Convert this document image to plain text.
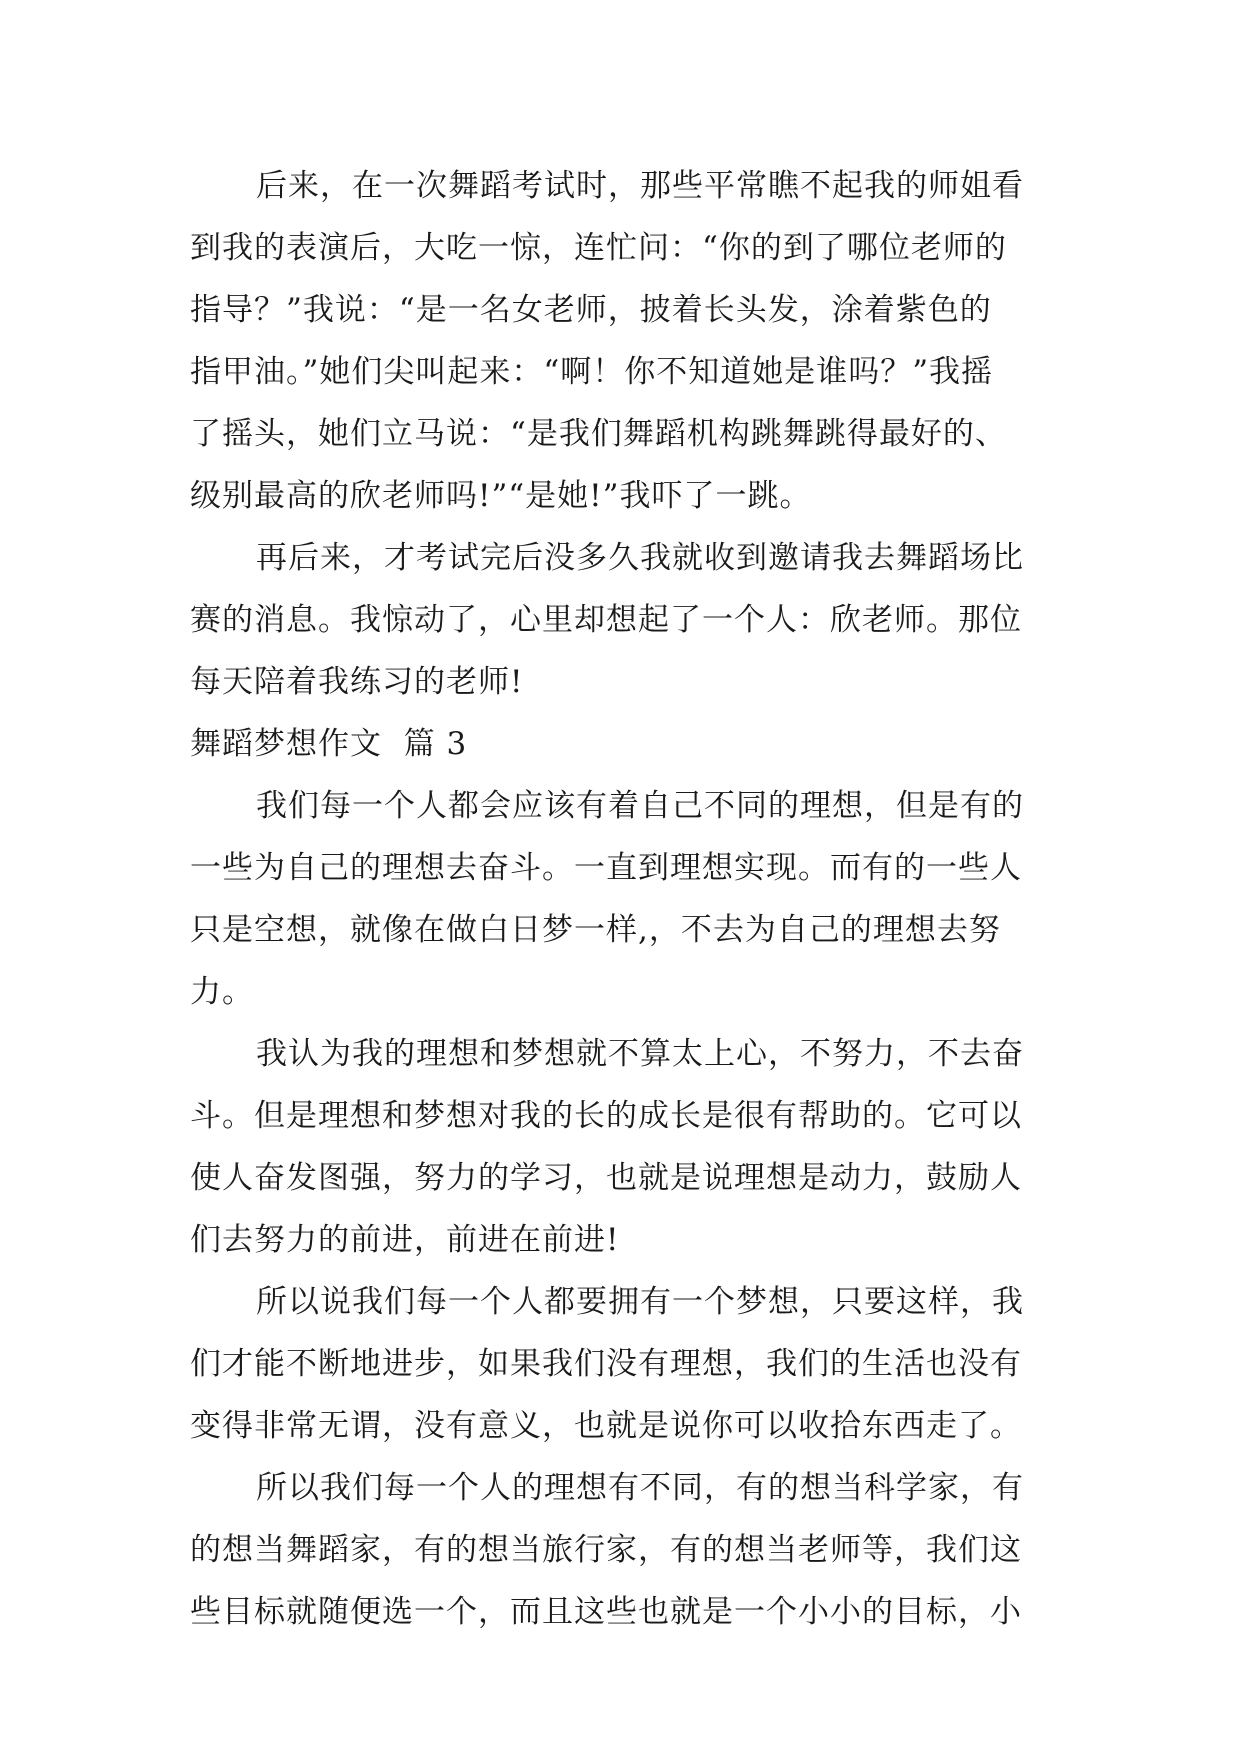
后来，在一次舞蹈考试时，那些平常瞧不起我的师姐看
到我的表演后，大吃一惊，连忙问：“你的到了哪位老师的
指导？”我说：“是一名女老师，披着长头发，涂着紫色的
指甲油。”她们尖叫起来：“啊！你不知道她是谁吗？”我摇
了摇头，她们立马说：“是我们舞蹈机构跳舞跳得最好的、
级别最高的欣老师吗!”“是她!”我吓了一跳。
再后来，才考试完后没多久我就收到邀请我去舞蹈场比
赛的消息。我惊动了，心里却想起了一个人：欣老师。那位
每天陪着我练习的老师!
舞蹈梦想作文  篇 3
我们每一个人都会应该有着自己不同的理想，但是有的
一些为自己的理想去奋斗。一直到理想实现。而有的一些人
只是空想，就像在做白日梦一样,，不去为自己的理想去努
力。
我认为我的理想和梦想就不算太上心，不努力，不去奋
斗。但是理想和梦想对我的长的成长是很有帮助的。它可以
使人奋发图强，努力的学习，也就是说理想是动力，鼓励人
们去努力的前进，前进在前进!
所以说我们每一个人都要拥有一个梦想，只要这样，我
们才能不断地进步，如果我们没有理想，我们的生活也没有
变得非常无谓，没有意义，也就是说你可以收拾东西走了。
所以我们每一个人的理想有不同，有的想当科学家，有
的想当舞蹈家，有的想当旅行家，有的想当老师等，我们这
些目标就随便选一个，而且这些也就是一个小小的目标，小
